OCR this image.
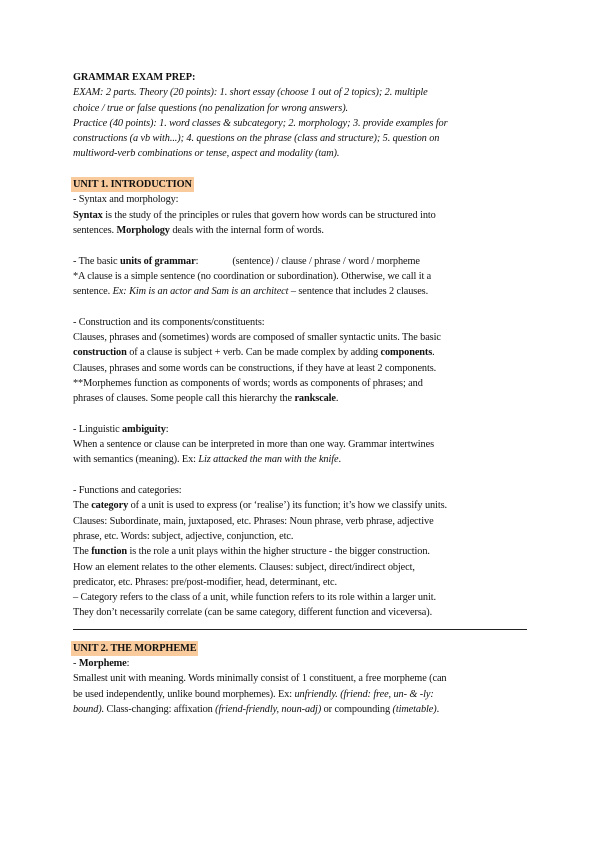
GRAMMAR EXAM PREP:
EXAM: 2 parts. Theory (20 points): 1. short essay (choose 1 out of 2 topics); 2. multiple
choice / true or false questions (no penalization for wrong answers).
Practice (40 points): 1. word classes & subcategory; 2. morphology; 3. provide examples for
constructions (a vb with...); 4. questions on the phrase (class and structure); 5. question on
multiword-verb combinations or tense, aspect and modality (tam).
UNIT 1. INTRODUCTION
- Syntax and morphology:
Syntax is the study of the principles or rules that govern how words can be structured into
sentences. Morphology deals with the internal form of words.
- The basic units of grammar:	(sentence) / clause / phrase / word / morpheme
*A clause is a simple sentence (no coordination or subordination). Otherwise, we call it a
sentence. Ex: Kim is an actor and Sam is an architect – sentence that includes 2 clauses.
- Construction and its components/constituents:
Clauses, phrases and (sometimes) words are composed of smaller syntactic units. The basic
construction of a clause is subject + verb. Can be made complex by adding components.
Clauses, phrases and some words can be constructions, if they have at least 2 components.
**Morphemes function as components of words; words as components of phrases; and
phrases of clauses. Some people call this hierarchy the rankscale.
- Linguistic ambiguity:
When a sentence or clause can be interpreted in more than one way. Grammar intertwines
with semantics (meaning). Ex: Liz attacked the man with the knife.
- Functions and categories:
The category of a unit is used to express (or ‘realise’) its function; it’s how we classify units.
Clauses: Subordinate, main, juxtaposed, etc. Phrases: Noun phrase, verb phrase, adjective
phrase, etc. Words: subject, adjective, conjunction, etc.
The function is the role a unit plays within the higher structure - the bigger construction.
How an element relates to the other elements. Clauses: subject, direct/indirect object,
predicator, etc. Phrases: pre/post-modifier, head, determinant, etc.
– Category refers to the class of a unit, while function refers to its role within a larger unit.
They don’t necessarily correlate (can be same category, different function and viceversa).
UNIT 2. THE MORPHEME
- Morpheme:
Smallest unit with meaning. Words minimally consist of 1 constituent, a free morpheme (can
be used independently, unlike bound morphemes). Ex: unfriendly. (friend: free, un- & -ly:
bound). Class-changing: affixation (friend-friendly, noun-adj) or compounding (timetable).
